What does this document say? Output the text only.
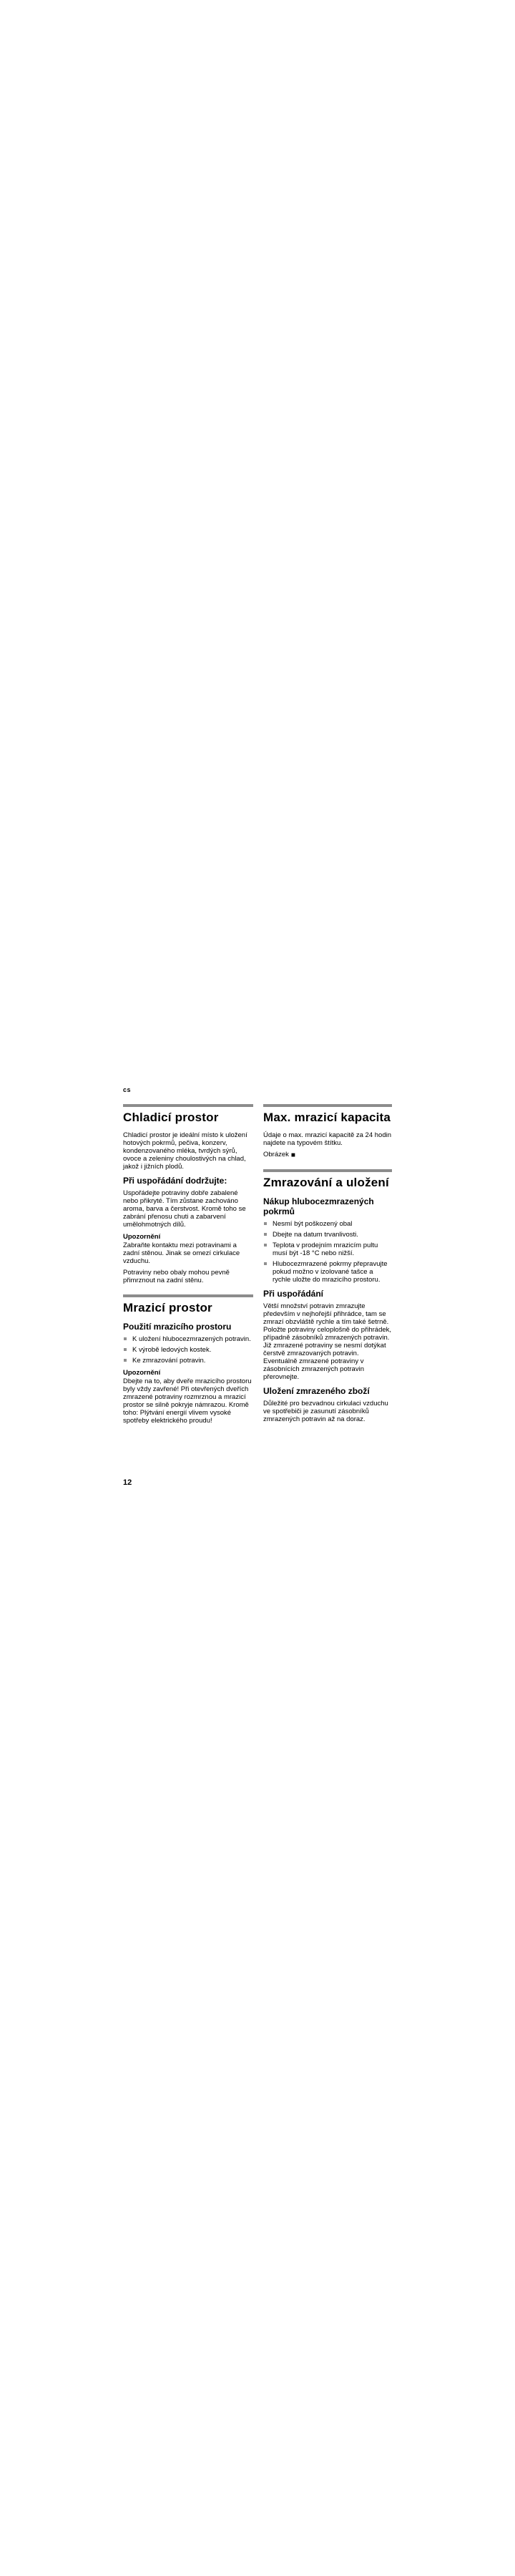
cs
Chladicí prostor

Chladicí prostor je ideální místo k uložení hotových pokrmů, pečiva, konzerv, kondenzovaného mléka, tvrdých sýrů, ovoce a zeleniny choulostivých na chlad, jakož i jižních plodů.

Při uspořádání dodržujte:

Uspořádejte potraviny dobře zabalené nebo přikryté. Tím zůstane zachováno aroma, barva a čerstvost. Kromě toho se zabrání přenosu chuti a zabarvení umělohmotných dílů.

Upozornění

Zabraňte kontaktu mezi potravinami a zadní stěnou. Jinak se omezí cirkulace vzduchu.

Potraviny nebo obaly mohou pevně přimrznout na zadní stěnu.

Mrazicí prostor
Použití mrazicího prostoru
K uložení hlubocezmrazených potravin.
K výrobě ledových kostek.
Ke zmrazování potravin.
Upozornění

Dbejte na to, aby dveře mrazicího prostoru byly vždy zavřené! Při otevřených dveřích zmrazené potraviny rozmrznou a mrazicí prostor se silně pokryje námrazou. Kromě toho: Plýtvání energií vlivem vysoké spotřeby elektrického proudu!

Max. mrazicí kapacita

Údaje o max. mrazicí kapacitě za 24 hodin najdete na typovém štítku.

Obrázek ■
Zmrazování a uložení
Nákup hlubocezmrazených pokrmů
Nesmí být poškozený obal
Dbejte na datum trvanlivosti.
Teplota v prodejním mrazicím pultu musí být -18 °C nebo nižší.
Hlubocezmrazené pokrmy přepravujte pokud možno v izolované tašce a rychle uložte do mrazicího prostoru.
Při uspořádání

Větší množství potravin zmrazujte především v nejhořejší přihrádce, tam se zmrazí obzvláště rychle a tím také šetrně. Položte potraviny celoplošně do přihrádek, případně zásobníků zmrazených potravin. Již zmrazené potraviny se nesmí dotýkat čerstvě zmrazovaných potravin. Eventuálně zmrazené potraviny v zásobnících zmrazených potravin přerovnejte.

Uložení zmrazeného zboží

Důležité pro bezvadnou cirkulaci vzduchu ve spotřebiči je zasunutí zásobníků zmrazených potravin až na doraz.

12
